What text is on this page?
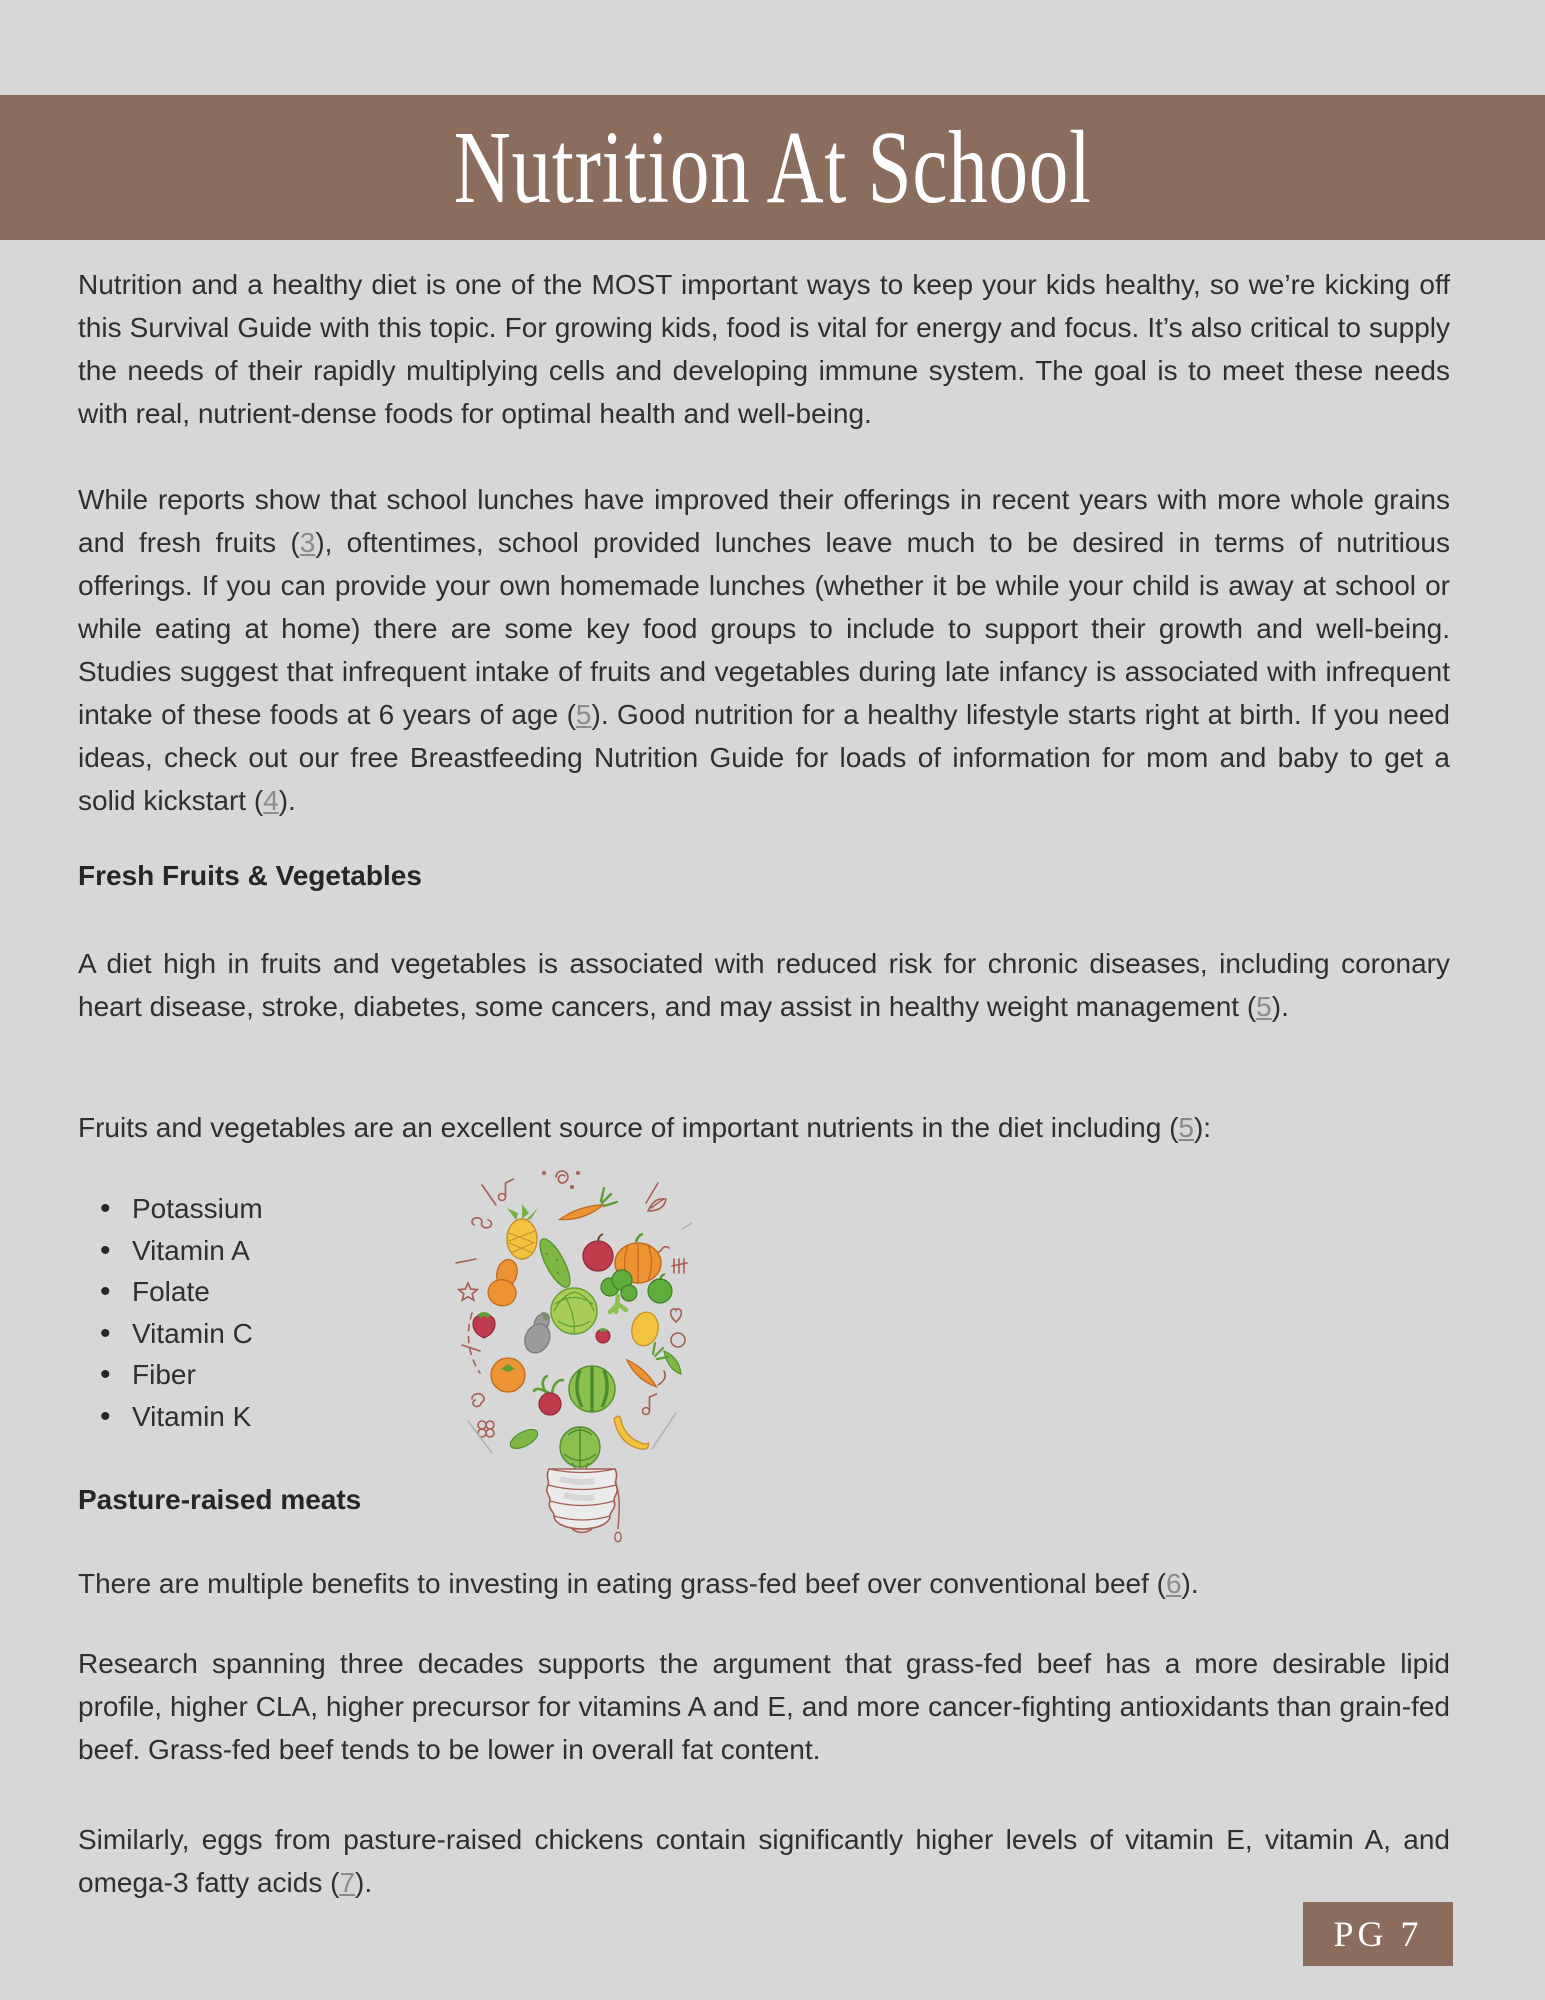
Nutrition At School

Nutrition and a healthy diet is one of the MOST important ways to keep your kids healthy, so we’re kicking off this Survival Guide with this topic. For growing kids, food is vital for energy and focus. It’s also critical to supply the needs of their rapidly multiplying cells and developing immune system. The goal is to meet these needs with real, nutrient-dense foods for optimal health and well-being.

While reports show that school lunches have improved their offerings in recent years with more whole grains and fresh fruits (3), oftentimes, school provided lunches leave much to be desired in terms of nutritious offerings. If you can provide your own homemade lunches (whether it be while your child is away at school or while eating at home) there are some key food groups to include to support their growth and well-being. Studies suggest that infrequent intake of fruits and vegetables during late infancy is associated with infrequent intake of these foods at 6 years of age (5). Good nutrition for a healthy lifestyle starts right at birth. If you need ideas, check out our free Breastfeeding Nutrition Guide for loads of information for mom and baby to get a solid kickstart (4).

Fresh Fruits & Vegetables

A diet high in fruits and vegetables is associated with reduced risk for chronic diseases, including coronary heart disease, stroke, diabetes, some cancers, and may assist in healthy weight management (5).

Fruits and vegetables are an excellent source of important nutrients in the diet including (5):

• Potassium
• Vitamin A
• Folate
• Vitamin C
• Fiber
• Vitamin K
Pasture-raised meats

There are multiple benefits to investing in eating grass-fed beef over conventional beef (6).

Research spanning three decades supports the argument that grass-fed beef has a more desirable lipid profile, higher CLA, higher precursor for vitamins A and E, and more cancer-fighting antioxidants than grain-fed beef. Grass-fed beef tends to be lower in overall fat content.

Similarly, eggs from pasture-raised chickens contain significantly higher levels of vitamin E, vitamin A, and omega-3 fatty acids (7).

PG 7
